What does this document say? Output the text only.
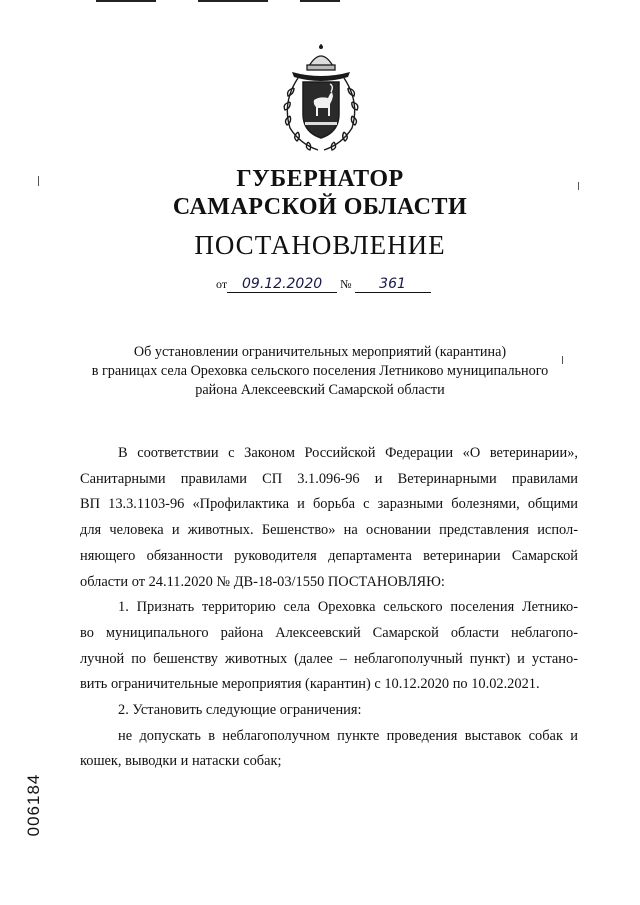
ГУБЕРНАТОР
САМАРСКОЙ ОБЛАСТИ
ПОСТАНОВЛЕНИЕ
от 09.12.2020 № 361
Об установлении ограничительных мероприятий (карантина)
в границах села Ореховка сельского поселения Летниково муниципального
района Алексеевский Самарской области
В соответствии с Законом Российской Федерации «О ветеринарии»,
Санитарными правилами СП 3.1.096-96 и Ветеринарными правилами
ВП 13.3.1103-96 «Профилактика и борьба с заразными болезнями, общими
для человека и животных. Бешенство» на основании представления испол-
няющего обязанности руководителя департамента ветеринарии Самарской
области от 24.11.2020 № ДВ-18-03/1550 ПОСТАНОВЛЯЮ:
1. Признать территорию села Ореховка сельского поселения Летнико-
во муниципального района Алексеевский Самарской области неблагопо-
лучной по бешенству животных (далее – неблагополучный пункт) и устано-
вить ограничительные мероприятия (карантин) с 10.12.2020 по 10.02.2021.
2. Установить следующие ограничения:
не допускать в неблагополучном пункте проведения выставок собак и
кошек, выводки и натаски собак;
006184
